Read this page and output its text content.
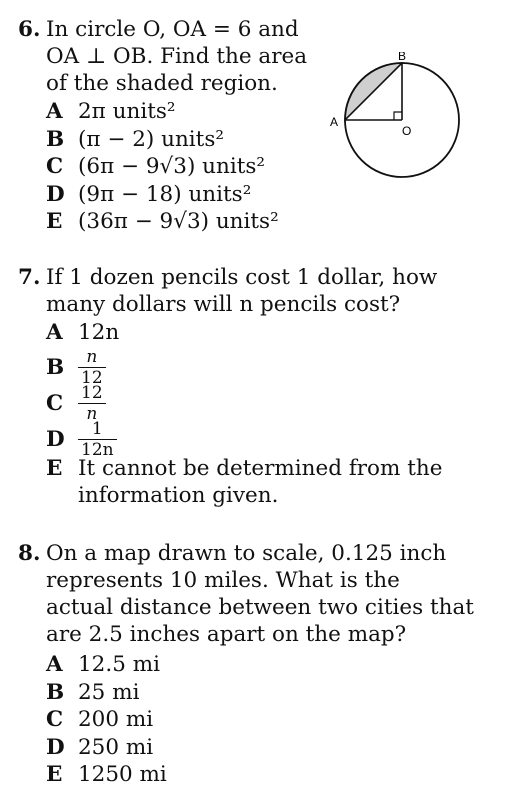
6. In circle O, OA = 6 and
OA ⊥ OB. Find the area
of the shaded region.
A 2π units²
B (π − 2) units²
C (6π − 9√3) units²
D (9π − 18) units²
E (36π − 9√3) units²
A
B
O
7. If 1 dozen pencils cost 1 dollar, how
many dollars will n pencils cost?
A 12n
B $\frac{n}{12}$
C $\frac{12}{n}$
D $\frac{1}{12n}$
E It cannot be determined from the
information given.
8. On a map drawn to scale, 0.125 inch
represents 10 miles. What is the
actual distance between two cities that
are 2.5 inches apart on the map?
A 12.5 mi
B 25 mi
C 200 mi
D 250 mi
E 1250 mi
